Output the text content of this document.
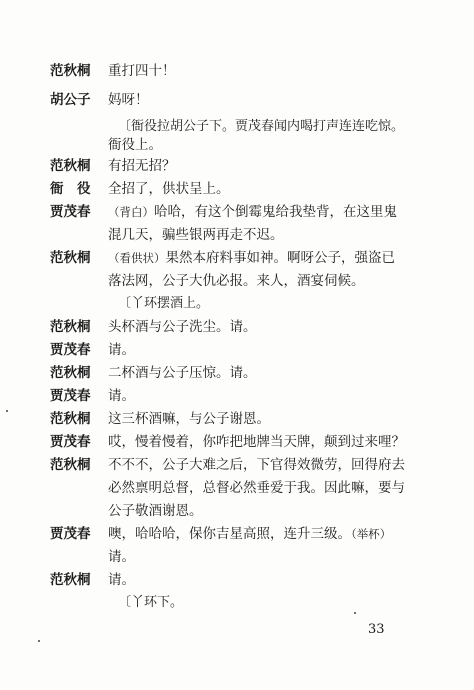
范秋桐 重打四十！
胡公子 妈呀！
〔衙役拉胡公子下。贾茂春闻内喝打声连连吃惊。
衙役上。
范秋桐 有招无招？
衙　役 全招了，供状呈上。
贾茂春 （背白）哈哈，有这个倒霉鬼给我垫背，在这里鬼
混几天，骗些银两再走不迟。
范秋桐 （看供状）果然本府料事如神。啊呀公子，强盗已
落法网，公子大仇必报。来人，酒宴伺候。
〔丫环摆酒上。
范秋桐 头杯酒与公子洗尘。请。
贾茂春 请。
范秋桐 二杯酒与公子压惊。请。
贾茂春 请。
范秋桐 这三杯酒嘛，与公子谢恩。
贾茂春 哎，慢着慢着，你咋把地牌当天牌，颠到过来哩？
范秋桐 不不不，公子大难之后，下官得效微劳，回得府去
必然禀明总督，总督必然垂爱于我。因此嘛，要与
公子敬酒谢恩。
贾茂春 噢，哈哈哈，保你吉星高照，连升三级。（举杯）
请。
范秋桐 请。
〔丫环下。
33
